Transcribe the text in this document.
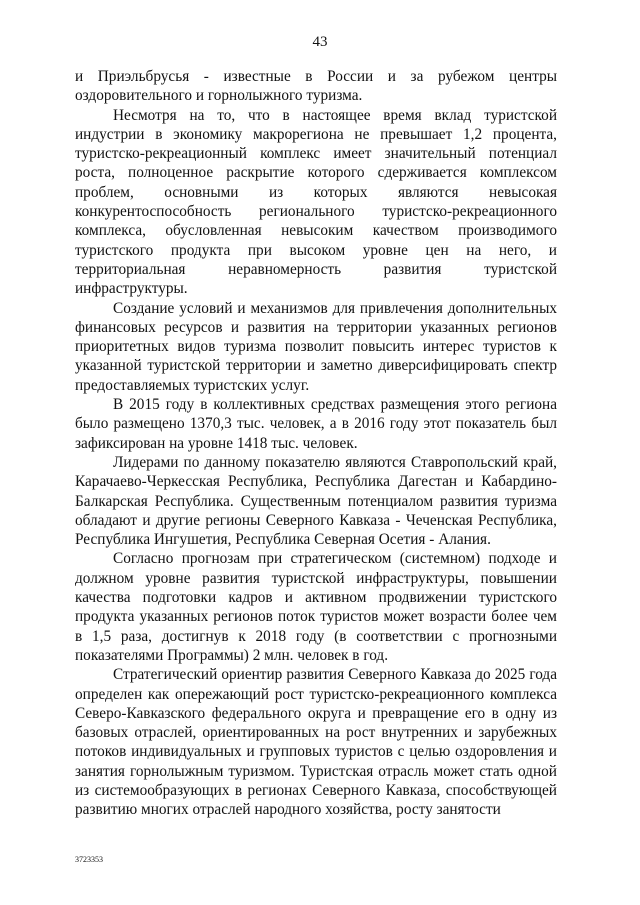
43

и Приэльбрусья - известные в России и за рубежом центры оздоровительного и горнолыжного туризма.

Несмотря на то, что в настоящее время вклад туристской индустрии в экономику макрорегиона не превышает 1,2 процента, туристско-рекреационный комплекс имеет значительный потенциал роста, полноценное раскрытие которого сдерживается комплексом проблем, основными из которых являются невысокая конкурентоспособность регионального туристско-рекреационного комплекса, обусловленная невысоким качеством производимого туристского продукта при высоком уровне цен на него, и территориальная неравномерность развития туристской инфраструктуры.

Создание условий и механизмов для привлечения дополнительных финансовых ресурсов и развития на территории указанных регионов приоритетных видов туризма позволит повысить интерес туристов к указанной туристской территории и заметно диверсифицировать спектр предоставляемых туристских услуг.

В 2015 году в коллективных средствах размещения этого региона было размещено 1370,3 тыс. человек, а в 2016 году этот показатель был зафиксирован на уровне 1418 тыс. человек.

Лидерами по данному показателю являются Ставропольский край, Карачаево-Черкесская Республика, Республика Дагестан и Кабардино-Балкарская Республика. Существенным потенциалом развития туризма обладают и другие регионы Северного Кавказа - Чеченская Республика, Республика Ингушетия, Республика Северная Осетия - Алания.

Согласно прогнозам при стратегическом (системном) подходе и должном уровне развития туристской инфраструктуры, повышении качества подготовки кадров и активном продвижении туристского продукта указанных регионов поток туристов может возрасти более чем в 1,5 раза, достигнув к 2018 году (в соответствии с прогнозными показателями Программы) 2 млн. человек в год.

Стратегический ориентир развития Северного Кавказа до 2025 года определен как опережающий рост туристско-рекреационного комплекса Северо-Кавказского федерального округа и превращение его в одну из базовых отраслей, ориентированных на рост внутренних и зарубежных потоков индивидуальных и групповых туристов с целью оздоровления и занятия горнолыжным туризмом. Туристская отрасль может стать одной из системообразующих в регионах Северного Кавказа, способствующей развитию многих отраслей народного хозяйства, росту занятости

3723353
